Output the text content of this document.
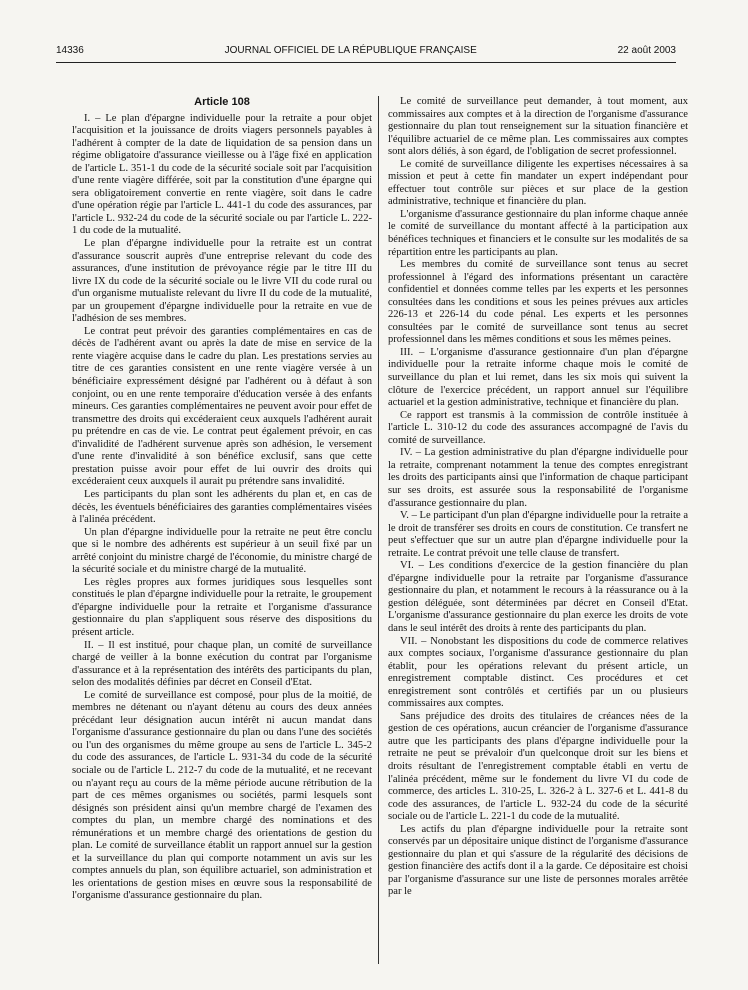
14336	JOURNAL OFFICIEL DE LA RÉPUBLIQUE FRANÇAISE	22 août 2003
Article 108

I. – Le plan d'épargne individuelle pour la retraite a pour objet l'acquisition et la jouissance de droits viagers personnels payables à l'adhérent à compter de la date de liquidation de sa pension dans un régime obligatoire d'assurance vieillesse ou à l'âge fixé en application de l'article L. 351-1 du code de la sécurité sociale soit par l'acquisition d'une rente viagère différée, soit par la constitution d'une épargne qui sera obligatoirement convertie en rente viagère, soit dans le cadre d'une opération régie par l'article L. 441-1 du code des assurances, par l'article L. 932-24 du code de la sécurité sociale ou par l'article L. 222-1 du code de la mutualité.

Le plan d'épargne individuelle pour la retraite est un contrat d'assurance souscrit auprès d'une entreprise relevant du code des assurances, d'une institution de prévoyance régie par le titre III du livre IX du code de la sécurité sociale ou le livre VII du code rural ou d'un organisme mutualiste relevant du livre II du code de la mutualité, par un groupement d'épargne individuelle pour la retraite en vue de l'adhésion de ses membres.

Le contrat peut prévoir des garanties complémentaires en cas de décès de l'adhérent avant ou après la date de mise en service de la rente viagère acquise dans le cadre du plan. Les prestations servies au titre de ces garanties consistent en une rente viagère versée à un bénéficiaire expressément désigné par l'adhérent ou à défaut à son conjoint, ou en une rente temporaire d'éducation versée à des enfants mineurs. Ces garanties complémentaires ne peuvent avoir pour effet de transmettre des droits qui excéderaient ceux auxquels l'adhérent aurait pu prétendre en cas de vie. Le contrat peut également prévoir, en cas d'invalidité de l'adhérent survenue après son adhésion, le versement d'une rente d'invalidité à son bénéfice exclusif, sans que cette prestation puisse avoir pour effet de lui ouvrir des droits qui excéderaient ceux auxquels il aurait pu prétendre sans invalidité.

Les participants du plan sont les adhérents du plan et, en cas de décès, les éventuels bénéficiaires des garanties complémentaires visées à l'alinéa précédent.

Un plan d'épargne individuelle pour la retraite ne peut être conclu que si le nombre des adhérents est supérieur à un seuil fixé par un arrêté conjoint du ministre chargé de l'économie, du ministre chargé de la sécurité sociale et du ministre chargé de la mutualité.

Les règles propres aux formes juridiques sous lesquelles sont constitués le plan d'épargne individuelle pour la retraite, le groupement d'épargne individuelle pour la retraite et l'organisme d'assurance gestionnaire du plan s'appliquent sous réserve des dispositions du présent article.

II. – Il est institué, pour chaque plan, un comité de surveillance chargé de veiller à la bonne exécution du contrat par l'organisme d'assurance et à la représentation des intérêts des participants du plan, selon des modalités définies par décret en Conseil d'Etat.

Le comité de surveillance est composé, pour plus de la moitié, de membres ne détenant ou n'ayant détenu au cours des deux années précédant leur désignation aucun intérêt ni aucun mandat dans l'organisme d'assurance gestionnaire du plan ou dans l'une des sociétés ou l'un des organismes du même groupe au sens de l'article L. 345-2 du code des assurances, de l'article L. 931-34 du code de la sécurité sociale ou de l'article L. 212-7 du code de la mutualité, et ne recevant ou n'ayant reçu au cours de la même période aucune rétribution de la part de ces mêmes organismes ou sociétés, parmi lesquels sont désignés son président ainsi qu'un membre chargé de l'examen des comptes du plan, un membre chargé des nominations et des rémunérations et un membre chargé des orientations de gestion du plan. Le comité de surveillance établit un rapport annuel sur la gestion et la surveillance du plan qui comporte notamment un avis sur les comptes annuels du plan, son équilibre actuariel, son administration et les orientations de gestion mises en œuvre sous la responsabilité de l'organisme d'assurance gestionnaire du plan.

Le comité de surveillance peut demander, à tout moment, aux commissaires aux comptes et à la direction de l'organisme d'assurance gestionnaire du plan tout renseignement sur la situation financière et l'équilibre actuariel de ce même plan. Les commissaires aux comptes sont alors déliés, à son égard, de l'obligation de secret professionnel.

Le comité de surveillance diligente les expertises nécessaires à sa mission et peut à cette fin mandater un expert indépendant pour effectuer tout contrôle sur pièces et sur place de la gestion administrative, technique et financière du plan.

L'organisme d'assurance gestionnaire du plan informe chaque année le comité de surveillance du montant affecté à la participation aux bénéfices techniques et financiers et le consulte sur les modalités de sa répartition entre les participants au plan.

Les membres du comité de surveillance sont tenus au secret professionnel à l'égard des informations présentant un caractère confidentiel et données comme telles par les experts et les personnes consultées dans les conditions et sous les peines prévues aux articles 226-13 et 226-14 du code pénal. Les experts et les personnes consultées par le comité de surveillance sont tenus au secret professionnel dans les mêmes conditions et sous les mêmes peines.

III. – L'organisme d'assurance gestionnaire d'un plan d'épargne individuelle pour la retraite informe chaque mois le comité de surveillance du plan et lui remet, dans les six mois qui suivent la clôture de l'exercice précédent, un rapport annuel sur l'équilibre actuariel et la gestion administrative, technique et financière du plan.

Ce rapport est transmis à la commission de contrôle instituée à l'article L. 310-12 du code des assurances accompagné de l'avis du comité de surveillance.

IV. – La gestion administrative du plan d'épargne individuelle pour la retraite, comprenant notamment la tenue des comptes enregistrant les droits des participants ainsi que l'information de chaque participant sur ses droits, est assurée sous la responsabilité de l'organisme d'assurance gestionnaire du plan.

V. – Le participant d'un plan d'épargne individuelle pour la retraite a le droit de transférer ses droits en cours de constitution. Ce transfert ne peut s'effectuer que sur un autre plan d'épargne individuelle pour la retraite. Le contrat prévoit une telle clause de transfert.

VI. – Les conditions d'exercice de la gestion financière du plan d'épargne individuelle pour la retraite par l'organisme d'assurance gestionnaire du plan, et notamment le recours à la réassurance ou à la gestion déléguée, sont déterminées par décret en Conseil d'Etat. L'organisme d'assurance gestionnaire du plan exerce les droits de vote dans le seul intérêt des droits à rente des participants du plan.

VII. – Nonobstant les dispositions du code de commerce relatives aux comptes sociaux, l'organisme d'assurance gestionnaire du plan établit, pour les opérations relevant du présent article, un enregistrement comptable distinct. Ces procédures et cet enregistrement sont contrôlés et certifiés par un ou plusieurs commissaires aux comptes.

Sans préjudice des droits des titulaires de créances nées de la gestion de ces opérations, aucun créancier de l'organisme d'assurance autre que les participants des plans d'épargne individuelle pour la retraite ne peut se prévaloir d'un quelconque droit sur les biens et droits résultant de l'enregistrement comptable établi en vertu de l'alinéa précédent, même sur le fondement du livre VI du code de commerce, des articles L. 310-25, L. 326-2 à L. 327-6 et L. 441-8 du code des assurances, de l'article L. 932-24 du code de la sécurité sociale ou de l'article L. 221-1 du code de la mutualité.

Les actifs du plan d'épargne individuelle pour la retraite sont conservés par un dépositaire unique distinct de l'organisme d'assurance gestionnaire du plan et qui s'assure de la régularité des décisions de gestion financière des actifs dont il a la garde. Ce dépositaire est choisi par l'organisme d'assurance sur une liste de personnes morales arrêtée par le
